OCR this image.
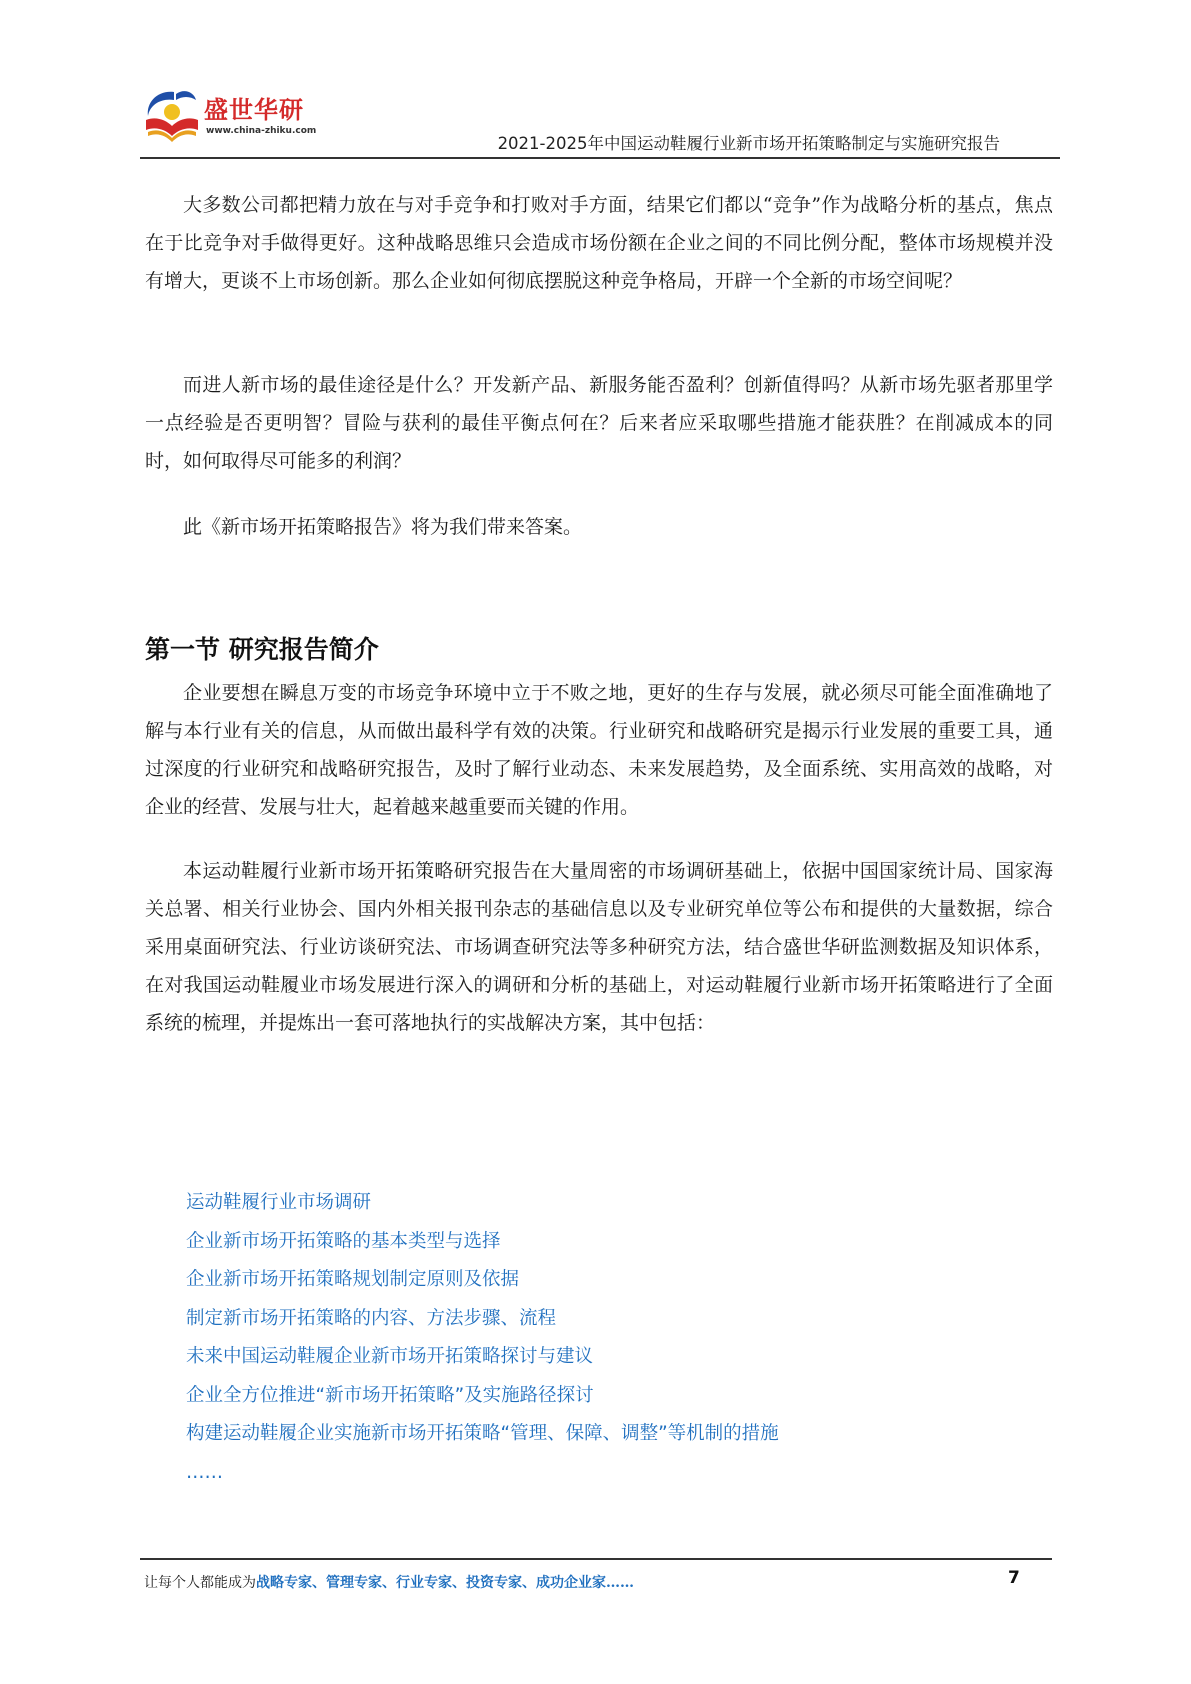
盛世华研
www.china-zhiku.com
2021-2025年中国运动鞋履行业新市场开拓策略制定与实施研究报告

大多数公司都把精力放在与对手竞争和打败对手方面，结果它们都以“竞争”作为战略分析的基点，焦点在于比竞争对手做得更好。这种战略思维只会造成市场份额在企业之间的不同比例分配，整体市场规模并没有增大，更谈不上市场创新。那么企业如何彻底摆脱这种竞争格局，开辟一个全新的市场空间呢？

而进人新市场的最佳途径是什么？开发新产品、新服务能否盈利？创新值得吗？从新市场先驱者那里学一点经验是否更明智？冒险与获利的最佳平衡点何在？后来者应采取哪些措施才能获胜？在削减成本的同时，如何取得尽可能多的利润？

此《新市场开拓策略报告》将为我们带来答案。

第一节 研究报告简介

企业要想在瞬息万变的市场竞争环境中立于不败之地，更好的生存与发展，就必须尽可能全面准确地了解与本行业有关的信息，从而做出最科学有效的决策。行业研究和战略研究是揭示行业发展的重要工具，通过深度的行业研究和战略研究报告，及时了解行业动态、未来发展趋势，及全面系统、实用高效的战略，对企业的经营、发展与壮大，起着越来越重要而关键的作用。

本运动鞋履行业新市场开拓策略研究报告在大量周密的市场调研基础上，依据中国国家统计局、国家海关总署、相关行业协会、国内外相关报刊杂志的基础信息以及专业研究单位等公布和提供的大量数据，综合采用桌面研究法、行业访谈研究法、市场调查研究法等多种研究方法，结合盛世华研监测数据及知识体系，在对我国运动鞋履业市场发展进行深入的调研和分析的基础上，对运动鞋履行业新市场开拓策略进行了全面系统的梳理，并提炼出一套可落地执行的实战解决方案，其中包括：

运动鞋履行业市场调研
企业新市场开拓策略的基本类型与选择
企业新市场开拓策略规划制定原则及依据
制定新市场开拓策略的内容、方法步骤、流程
未来中国运动鞋履企业新市场开拓策略探讨与建议
企业全方位推进“新市场开拓策略”及实施路径探讨
构建运动鞋履企业实施新市场开拓策略“管理、保障、调整”等机制的措施
……
让每个人都能成为战略专家、管理专家、行业专家、投资专家、成功企业家……	7
